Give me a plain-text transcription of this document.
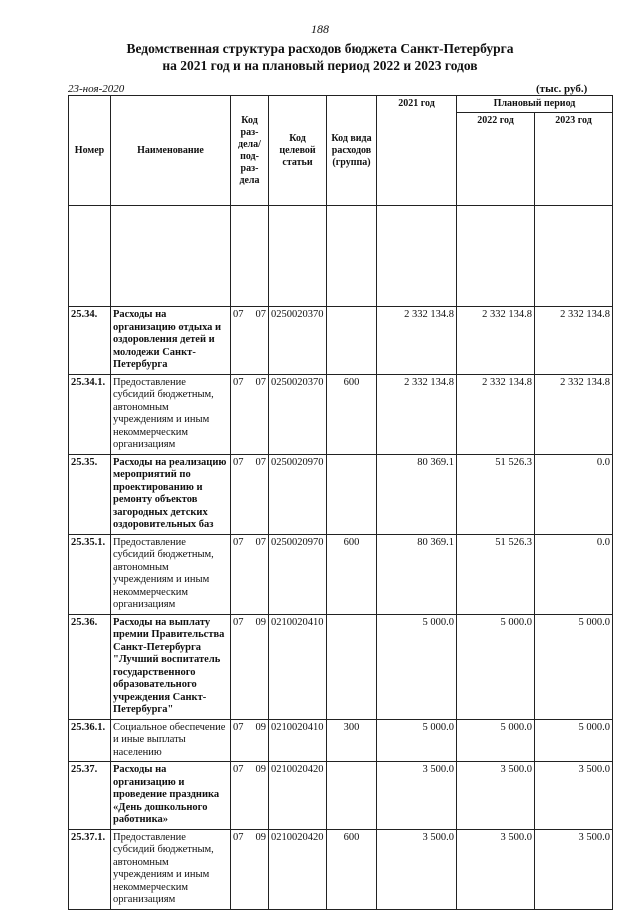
188
Ведомственная структура расходов бюджета Санкт-Петербурга
на 2021 год и на плановый период 2022 и 2023 годов
23-ноя-2020	(тыс. руб.)
Номер	Наименование	Код раз- дела/ под- раз- дела	Код целевой статьи	Код вида расходов (группа)	2021 год	Плановый период	
						2022 год	2023 год

25.34.	Расходы на организацию отдыха и оздоровления детей и молодежи Санкт-Петербурга	07 07	0250020370		2 332 134.8	2 332 134.8	2 332 134.8
25.34.1.	Предоставление субсидий бюджетным, автономным учреждениям и иным некоммерческим организациям	07 07	0250020370	600	2 332 134.8	2 332 134.8	2 332 134.8
25.35.	Расходы на реализацию мероприятий по проектированию и ремонту объектов загородных детских оздоровительных баз	07 07	0250020970		80 369.1	51 526.3	0.0
25.35.1.	Предоставление субсидий бюджетным, автономным учреждениям и иным некоммерческим организациям	07 07	0250020970	600	80 369.1	51 526.3	0.0
25.36.	Расходы на выплату премии Правительства Санкт-Петербурга "Лучший воспитатель государственного образовательного учреждения Санкт-Петербурга"	07 09	0210020410		5 000.0	5 000.0	5 000.0
25.36.1.	Социальное обеспечение и иные выплаты населению	07 09	0210020410	300	5 000.0	5 000.0	5 000.0
25.37.	Расходы на организацию и проведение праздника «День дошкольного работника»	07 09	0210020420		3 500.0	3 500.0	3 500.0
25.37.1.	Предоставление субсидий бюджетным, автономным учреждениям и иным некоммерческим организациям	07 09	0210020420	600	3 500.0	3 500.0	3 500.0
